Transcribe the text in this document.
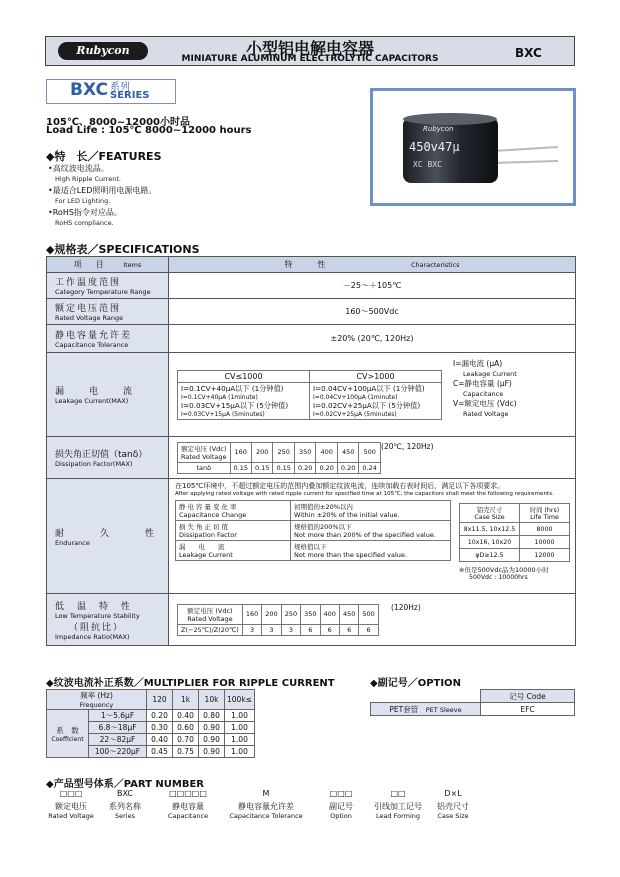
Rubycon	小型铝电解电容器
MINIATURE ALUMINUM ELECTROLYTIC CAPACITORS	BXC
BXC 系列
SERIES
105℃、8000~12000小时品
Load Life : 105℃ 8000~12000 hours	Rubycon
450v47μ
XC BXC
◆特　长／FEATURES
•高纹波电流品。
High Ripple Current.
•最适合LED照明用电源电路。
For LED Lighting.
•RoHS指令对应品。
RoHS compliance.
◆规格表／SPECIFICATIONS
项　目	Items	特　　性	Characteristics

工作温度范围
Category Temperature Range
	－25～＋105℃

额定电压范围
Rated Voltage Range
	160～500Vdc

静电容量允许差
Capacitance Tolerance
	±20% (20℃, 120Hz)

漏　电　流
Leakage Current(MAX)

CV≤1000	CV>1000

I=0.1CV+40μA以下 (1分钟值)
I=0.1CV+40μA (1minute)
I=0.03CV+15μA以下 (5分钟值)
I=0.03CV+15μA (5minutes)

I=0.04CV+100μA以下 (1分钟值)
I=0.04CV+100μA (1minute)
I=0.02CV+25μA以下 (5分钟值)
I=0.02CV+25μA (5minutes)
I=漏电流 (μA)
Leakage Current
C=静电容量 (μF)
Capacitance
V=额定电压 (Vdc)
Rated Voltage

损失角正切值（tanδ）
Dissipation Factor(MAX)

额定电压 (Vdc)
Rated Voltage
	160	200	250	350	400	450	500
tanδ	0.15	0.15	0.15	0.20	0.20	0.20	0.24
(20℃, 120Hz)

耐　　久　　性
Endurance

在105℃环境中，不超过额定电压的范围内叠加额定纹波电流，连续加载右表时间后，满足以下各项要求。
After applying rated voltage with rated ripple current for specified time at 105℃, the capacitors shall meet the following requirements.
静电容量变化率
Capacitance Change

初期值的±20%以内
Within ±20% of the initial value.

损失角正切值
Dissipation Factor

规格值的200%以下
Not more than 200% of the specified value.

漏　　电　　流
Leakage Current

规格值以下
Not more than the specified value.
铝壳尺寸
Case Size

时间 (hrs)
Life Time

8x11.5, 10x12.5	8000
10x16, 10x20	10000
φD≥12.5	12000
※但是500Vdc品为10000小时
500Vdc : 10000hrs

低　温　特　性
Low Temperature Stability
（阻抗比）
Impedance Ratio(MAX)

额定电压 (Vdc)
Rated Voltage
	160	200	250	350	400	450	500
Z(−25℃)/Z(20℃)	3	3	3	6	6	6	6
(120Hz)
◆纹波电流补正系数／MULTIPLIER FOR RIPPLE CURRENT
频率 (Hz)
Frequency		120	1k	10k	100k≤

系　数
Coefficient	1～5.6μF	0.20	0.40	0.80	1.00
	6.8～18μF	0.30	0.60	0.90	1.00
	22～82μF	0.40	0.70	0.90	1.00
	100～220μF	0.45	0.75	0.90	1.00
◆副记号／OPTION
	记号 Code
PET套管　 PET Sleeve	EFC
◆产品型号体系／PART NUMBER
□□□
额定电压
Rated Voltage
BXC
系列名称
Series
□□□□□
静电容量
Capacitance
M
静电容量允许差
Capacitance Tolerance
□□□
副记号
Option
□□
引线加工记号
Lead Forming
D×L
铝壳尺寸
Case Size
